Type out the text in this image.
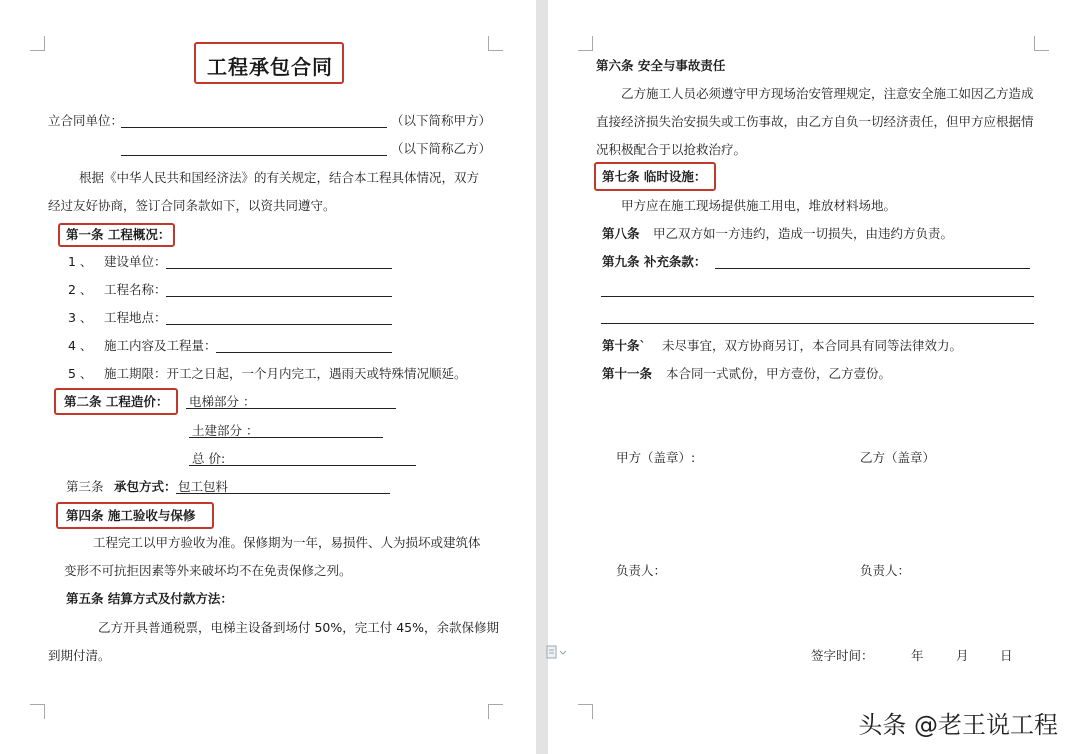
工程承包合同
立合同单位：	（以下简称甲方）
（以下简称乙方）
根据《中华人民共和国经济法》的有关规定，结合本工程具体情况，双方
经过友好协商，签订合同条款如下，以资共同遵守。
第一条 工程概况：
1 、 建设单位：
2 、 工程名称：
3 、 工程地点：
4 、 施工内容及工程量：
5 、 施工期限：开工之日起，一个月内完工，遇雨天或特殊情况顺延。
第二条 工程造价： 电梯部分 ：
土建部分 ：
总 价:
第三条 承包方式： 包工包料
第四条 施工验收与保修
工程完工以甲方验收为准。保修期为一年，易损件、人为损坏或建筑体
变形不可抗拒因素等外来破坏均不在免责保修之列。
第五条 结算方式及付款方法：
乙方开具普通税票，电梯主设备到场付 50%，完工付 45%，余款保修期
到期付清。
第六条 安全与事故责任
乙方施工人员必须遵守甲方现场治安管理规定，注意安全施工如因乙方造成
直接经济损失治安损失或工伤事故，由乙方自负一切经济责任，但甲方应根据情
况积极配合于以抢救治疗。
第七条 临时设施：
甲方应在施工现场提供施工用电，堆放材料场地。
第八条 甲乙双方如一方违约，造成一切损失，由违约方负责。
第九条 补充条款：
第十条` 未尽事宜，双方协商另订，本合同具有同等法律效力。
第十一条 本合同一式贰份，甲方壹份，乙方壹份。
甲方（盖章）:	乙方（盖章）
负责人：	负责人：
签字时间：	年	月	日
头条 @老王说工程
